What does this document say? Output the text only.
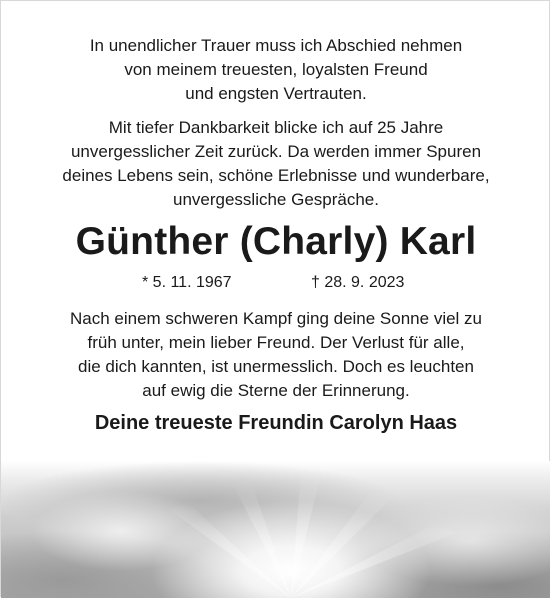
In unendlicher Trauer muss ich Abschied nehmen
von meinem treuesten, loyalsten Freund
und engsten Vertrauten.

Mit tiefer Dankbarkeit blicke ich auf 25 Jahre
unvergesslicher Zeit zurück. Da werden immer Spuren
deines Lebens sein, schöne Erlebnisse und wunderbare,
unvergessliche Gespräche.

Günther (Charly) Karl
* 5. 11. 1967	† 28. 9. 2023

Nach einem schweren Kampf ging deine Sonne viel zu
früh unter, mein lieber Freund. Der Verlust für alle,
die dich kannten, ist unermesslich. Doch es leuchten
auf ewig die Sterne der Erinnerung.

Deine treueste Freundin Carolyn Haas
